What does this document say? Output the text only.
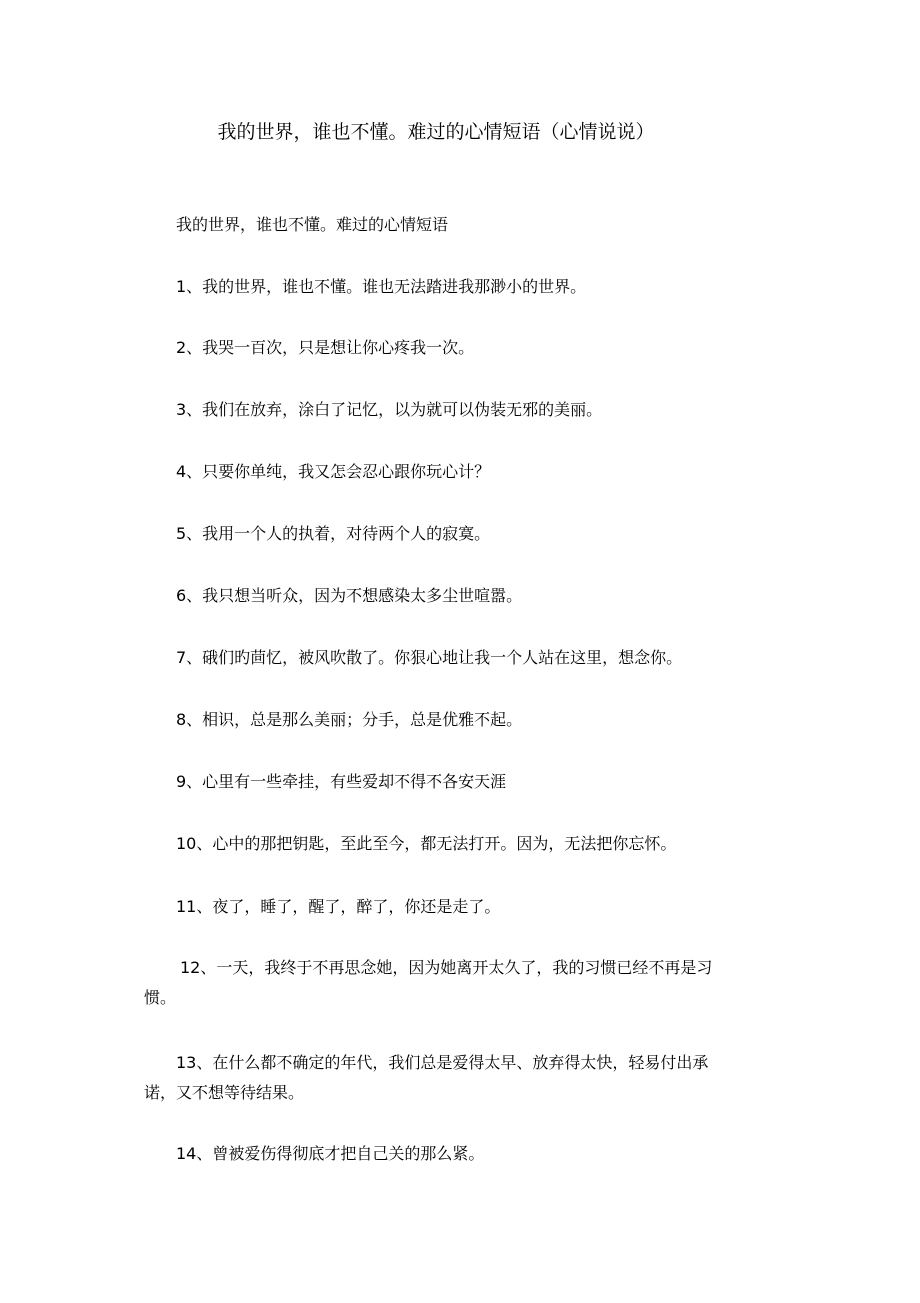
我的世界，谁也不懂。难过的心情短语（心情说说）
我的世界，谁也不懂。难过的心情短语
1、我的世界，谁也不懂。谁也无法踏进我那渺小的世界。
2、我哭一百次，只是想让你心疼我一次。
3、我们在放弃，涂白了记忆，以为就可以伪装无邪的美丽。
4、只要你单纯，我又怎会忍心跟你玩心计？
5、我用一个人的执着，对待两个人的寂寞。
6、我只想当听众，因为不想感染太多尘世喧嚣。
7、硪们旳茴忆，被风吹散了。你狠心地让我一个人站在这里，想念你。
8、相识，总是那么美丽；分手，总是优雅不起。
9、心里有一些牵挂，有些爱却不得不各安天涯
10、心中的那把钥匙，至此至今，都无法打开。因为，无法把你忘怀。
11、夜了，睡了，醒了，醉了，你还是走了。
12、一天，我终于不再思念她，因为她离开太久了，我的习惯已经不再是习惯。
13、在什么都不确定的年代，我们总是爱得太早、放弃得太快，轻易付出承诺，又不想等待结果。
14、曾被爱伤得彻底才把自己关的那么紧。
